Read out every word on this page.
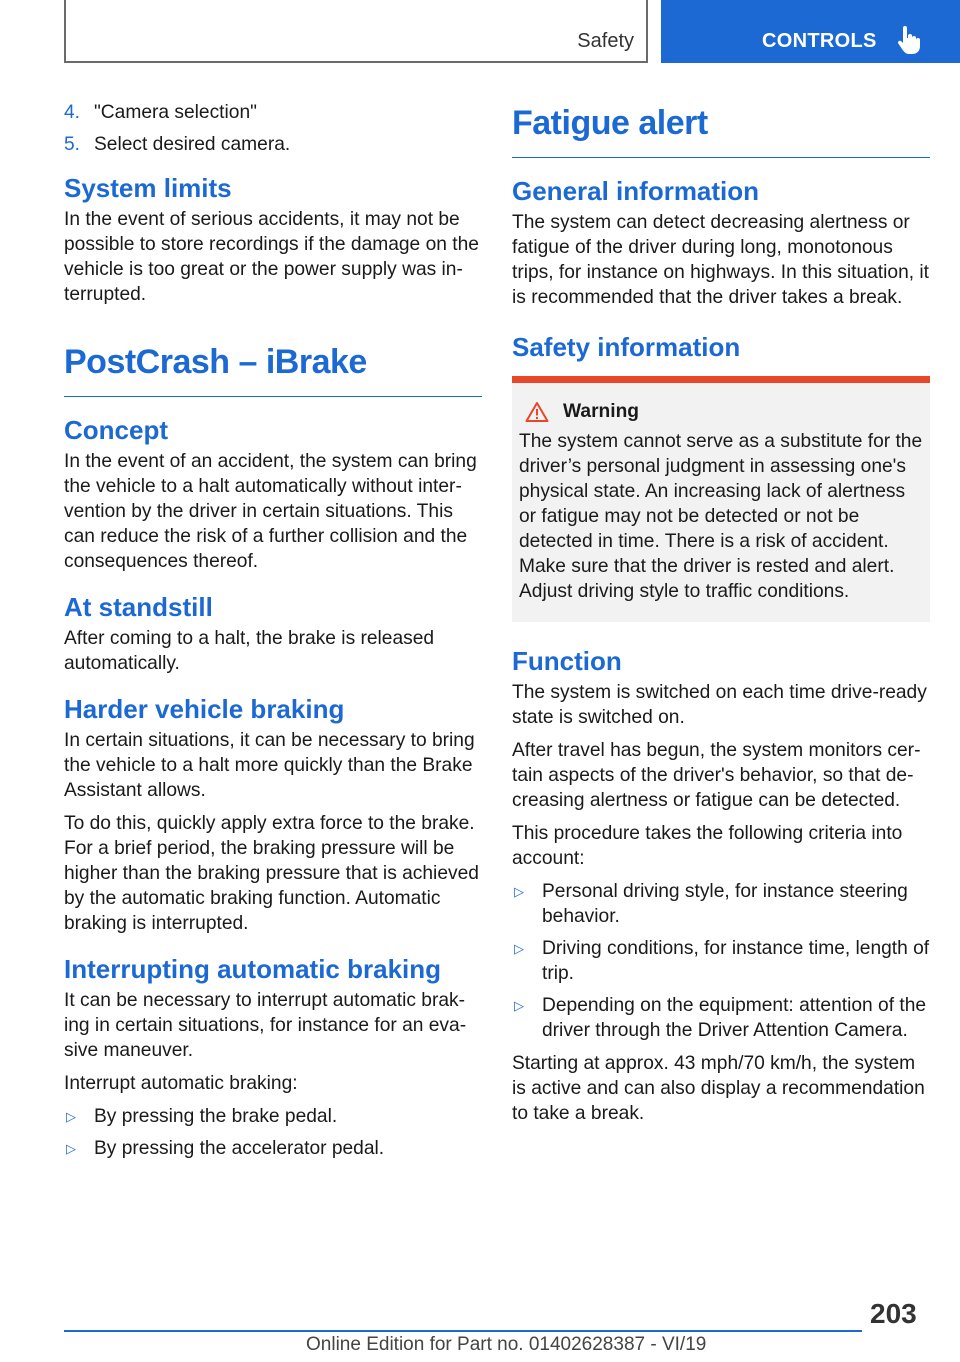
Safety	CONTROLS
4. "Camera selection"
5. Select desired camera.
System limits

In the event of serious accidents, it may not be possible to store recordings if the damage on the vehicle is too great or the power supply was interrupted.

PostCrash – iBrake
Concept

In the event of an accident, the system can bring the vehicle to a halt automatically without intervention by the driver in certain situations. This can reduce the risk of a further collision and the consequences thereof.

At standstill

After coming to a halt, the brake is released automatically.

Harder vehicle braking

In certain situations, it can be necessary to bring the vehicle to a halt more quickly than the Brake Assistant allows.

To do this, quickly apply extra force to the brake. For a brief period, the braking pressure will be higher than the braking pressure that is achieved by the automatic braking function. Automatic braking is interrupted.

Interrupting automatic braking

It can be necessary to interrupt automatic braking in certain situations, for instance for an evasive maneuver.

Interrupt automatic braking:

▷ By pressing the brake pedal.
▷ By pressing the accelerator pedal.
Fatigue alert
General information

The system can detect decreasing alertness or fatigue of the driver during long, monotonous trips, for instance on highways. In this situation, it is recommended that the driver takes a break.

Safety information
Warning

The system cannot serve as a substitute for the driver’s personal judgment in assessing one's physical state. An increasing lack of alertness or fatigue may not be detected or not be detected in time. There is a risk of accident. Make sure that the driver is rested and alert. Adjust driving style to traffic conditions.

Function

The system is switched on each time drive-ready state is switched on.

After travel has begun, the system monitors certain aspects of the driver's behavior, so that decreasing alertness or fatigue can be detected.

This procedure takes the following criteria into account:

▷ Personal driving style, for instance steering behavior.
▷ Driving conditions, for instance time, length of trip.
▷ Depending on the equipment: attention of the driver through the Driver Attention Camera.

Starting at approx. 43 mph/70 km/h, the system is active and can also display a recommendation to take a break.

203
Online Edition for Part no. 01402628387 - VI/19
